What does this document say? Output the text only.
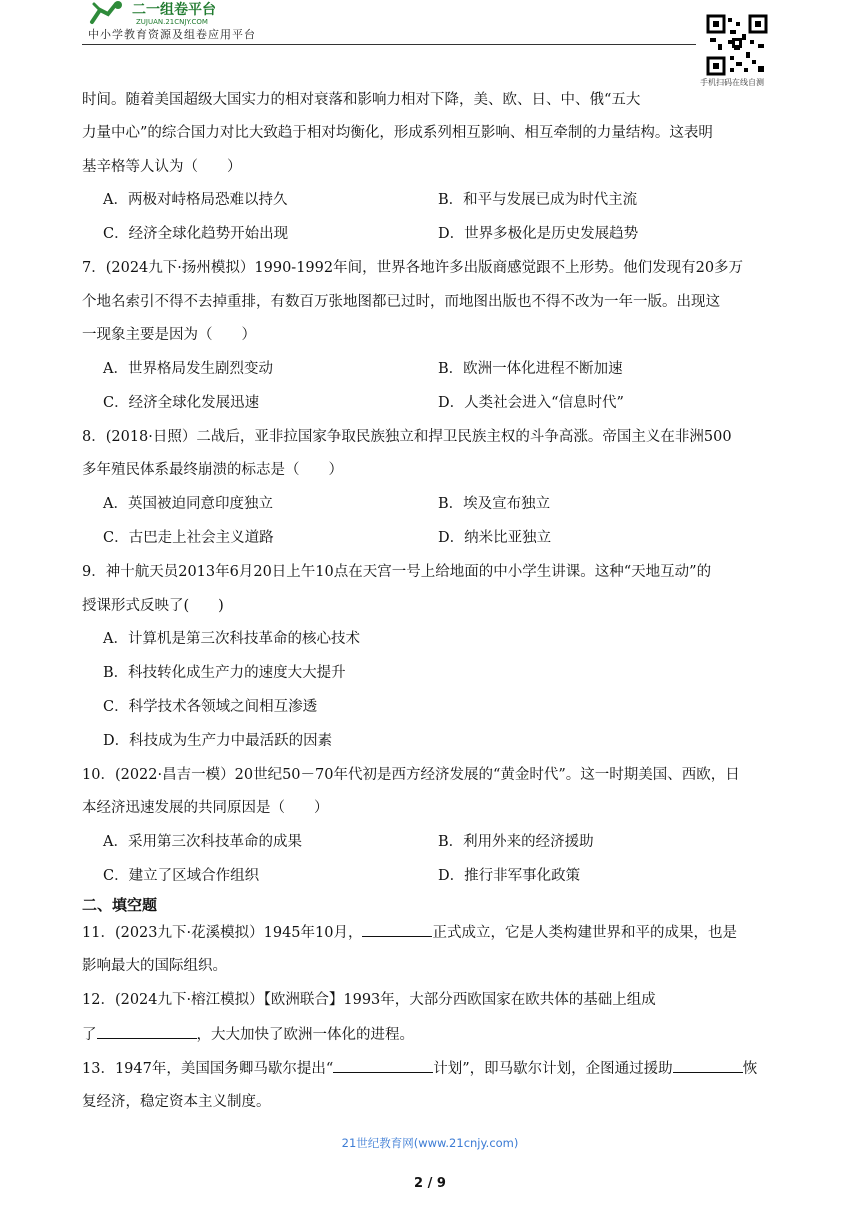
二一组卷平台
ZUJUAN.21CNJY.COM
中小学教育资源及组卷应用平台
手机扫码在线自测
时间。随着美国超级大国实力的相对衰落和影响力相对下降，美、欧、日、中、俄“五大
力量中心”的综合国力对比大致趋于相对均衡化，形成系列相互影响、相互牵制的力量结构。这表明
基辛格等人认为（　　）
A．两极对峙格局恐难以持久	B．和平与发展已成为时代主流
C．经济全球化趋势开始出现	D．世界多极化是历史发展趋势
7．(2024九下·扬州模拟）1990-1992年间，世界各地许多出版商感觉跟不上形势。他们发现有20多万
个地名索引不得不去掉重排，有数百万张地图都已过时，而地图出版也不得不改为一年一版。出现这
一现象主要是因为（　　）
A．世界格局发生剧烈变动	B．欧洲一体化进程不断加速
C．经济全球化发展迅速	D．人类社会进入“信息时代”
8．(2018·日照）二战后，亚非拉国家争取民族独立和捍卫民族主权的斗争高涨。帝国主义在非洲500
多年殖民体系最终崩溃的标志是（　　）
A．英国被迫同意印度独立	B．埃及宣布独立
C．古巴走上社会主义道路	D．纳米比亚独立
9．神十航天员2013年6月20日上午10点在天宫一号上给地面的中小学生讲课。这种“天地互动”的
授课形式反映了(　　)
A．计算机是第三次科技革命的核心技术
B．科技转化成生产力的速度大大提升
C．科学技术各领域之间相互渗透
D．科技成为生产力中最活跃的因素
10．(2022·昌吉一模）20世纪50－70年代初是西方经济发展的“黄金时代”。这一时期美国、西欧，日
本经济迅速发展的共同原因是（　　）
A．采用第三次科技革命的成果	B．利用外来的经济援助
C．建立了区域合作组织	D．推行非军事化政策
二、填空题
11．(2023九下·花溪模拟）1945年10月，	正式成立，它是人类构建世界和平的成果，也是
影响最大的国际组织。
12．(2024九下·榕江模拟）【欧洲联合】1993年，大部分西欧国家在欧共体的基础上组成
了	，大大加快了欧洲一体化的进程。
13．1947年，美国国务卿马歇尔提出“	计划”，即马歇尔计划，企图通过援助	恢
复经济，稳定资本主义制度。
21世纪教育网(www.21cnjy.com)
2 / 9
